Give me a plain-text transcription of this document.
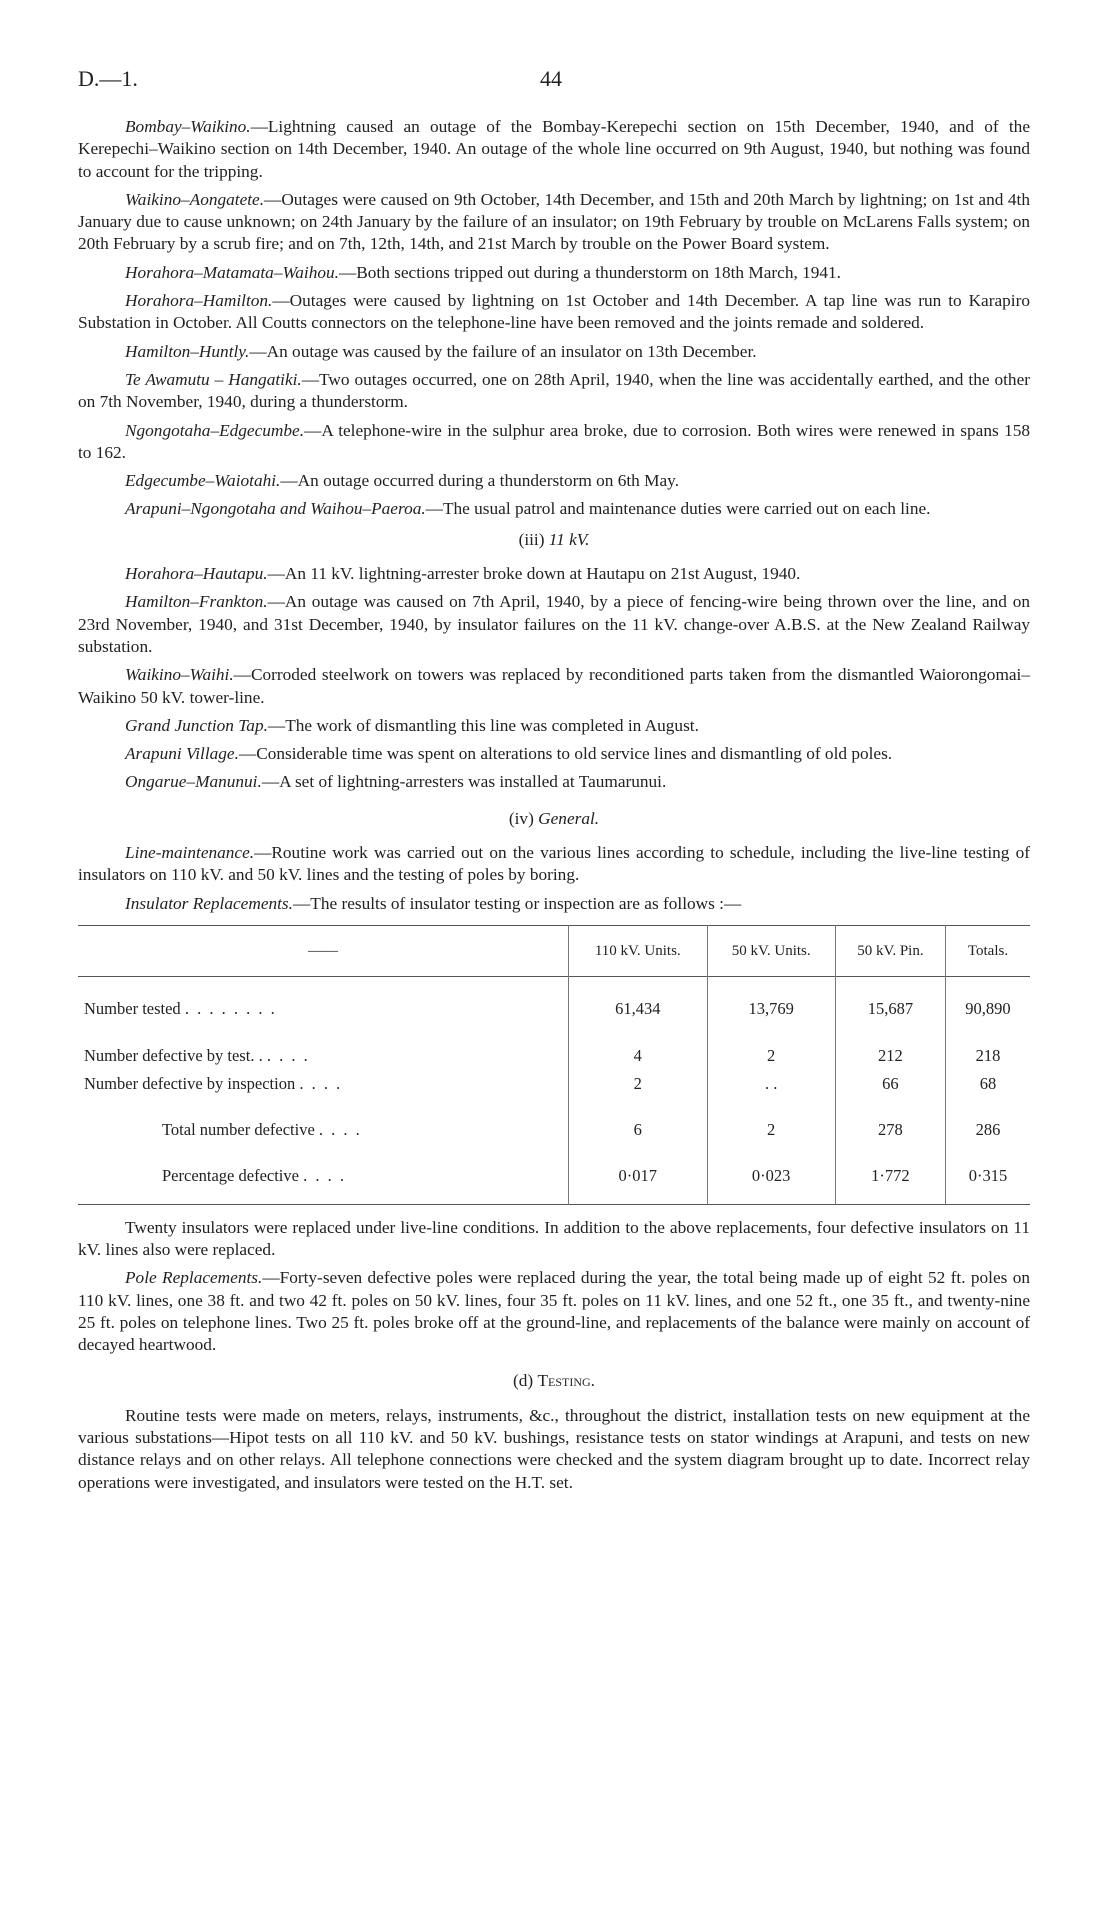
D.—1.	44

Bombay–Waikino.—Lightning caused an outage of the Bombay-Kerepechi section on 15th December, 1940, and of the Kerepechi–Waikino section on 14th December, 1940. An outage of the whole line occurred on 9th August, 1940, but nothing was found to account for the tripping.

Waikino–Aongatete.—Outages were caused on 9th October, 14th December, and 15th and 20th March by lightning; on 1st and 4th January due to cause unknown; on 24th January by the failure of an insulator; on 19th February by trouble on McLarens Falls system; on 20th February by a scrub fire; and on 7th, 12th, 14th, and 21st March by trouble on the Power Board system.

Horahora–Matamata–Waihou.—Both sections tripped out during a thunderstorm on 18th March, 1941.

Horahora–Hamilton.—Outages were caused by lightning on 1st October and 14th December. A tap line was run to Karapiro Substation in October. All Coutts connectors on the telephone-line have been removed and the joints remade and soldered.

Hamilton–Huntly.—An outage was caused by the failure of an insulator on 13th December.

Te Awamutu – Hangatiki.—Two outages occurred, one on 28th April, 1940, when the line was accidentally earthed, and the other on 7th November, 1940, during a thunderstorm.

Ngongotaha–Edgecumbe.—A telephone-wire in the sulphur area broke, due to corrosion. Both wires were renewed in spans 158 to 162.

Edgecumbe–Waiotahi.—An outage occurred during a thunderstorm on 6th May.

Arapuni–Ngongotaha and Waihou–Paeroa.—The usual patrol and maintenance duties were carried out on each line.

(iii) 11 kV.

Horahora–Hautapu.—An 11 kV. lightning-arrester broke down at Hautapu on 21st August, 1940.

Hamilton–Frankton.—An outage was caused on 7th April, 1940, by a piece of fencing-wire being thrown over the line, and on 23rd November, 1940, and 31st December, 1940, by insulator failures on the 11 kV. change-over A.B.S. at the New Zealand Railway substation.

Waikino–Waihi.—Corroded steelwork on towers was replaced by reconditioned parts taken from the dismantled Waiorongomai–Waikino 50 kV. tower-line.

Grand Junction Tap.—The work of dismantling this line was completed in August.

Arapuni Village.—Considerable time was spent on alterations to old service lines and dismantling of old poles.

Ongarue–Manunui.—A set of lightning-arresters was installed at Taumarunui.

(iv) General.

Line-maintenance.—Routine work was carried out on the various lines according to schedule, including the live-line testing of insulators on 110 kV. and 50 kV. lines and the testing of poles by boring.

Insulator Replacements.—The results of insulator testing or inspection are as follows :—

——	110 kV. Units.	50 kV. Units.	50 kV. Pin.	Totals.

Number tested . . . . . . . .	61,434	13,769	15,687	90,890

Number defective by test. . . . . .	4	2	212	218
Number defective by inspection . . . .	2	. .	66	68

Total number defective . . . .	6	2	278	286

Percentage defective . . . .	0·017	0·023	1·772	0·315

Twenty insulators were replaced under live-line conditions. In addition to the above replacements, four defective insulators on 11 kV. lines also were replaced.

Pole Replacements.—Forty-seven defective poles were replaced during the year, the total being made up of eight 52 ft. poles on 110 kV. lines, one 38 ft. and two 42 ft. poles on 50 kV. lines, four 35 ft. poles on 11 kV. lines, and one 52 ft., one 35 ft., and twenty-nine 25 ft. poles on telephone lines. Two 25 ft. poles broke off at the ground-line, and replacements of the balance were mainly on account of decayed heartwood.

(d) Testing.

Routine tests were made on meters, relays, instruments, &c., throughout the district, installation tests on new equipment at the various substations—Hipot tests on all 110 kV. and 50 kV. bushings, resistance tests on stator windings at Arapuni, and tests on new distance relays and on other relays. All telephone connections were checked and the system diagram brought up to date. Incorrect relay operations were investigated, and insulators were tested on the H.T. set.
